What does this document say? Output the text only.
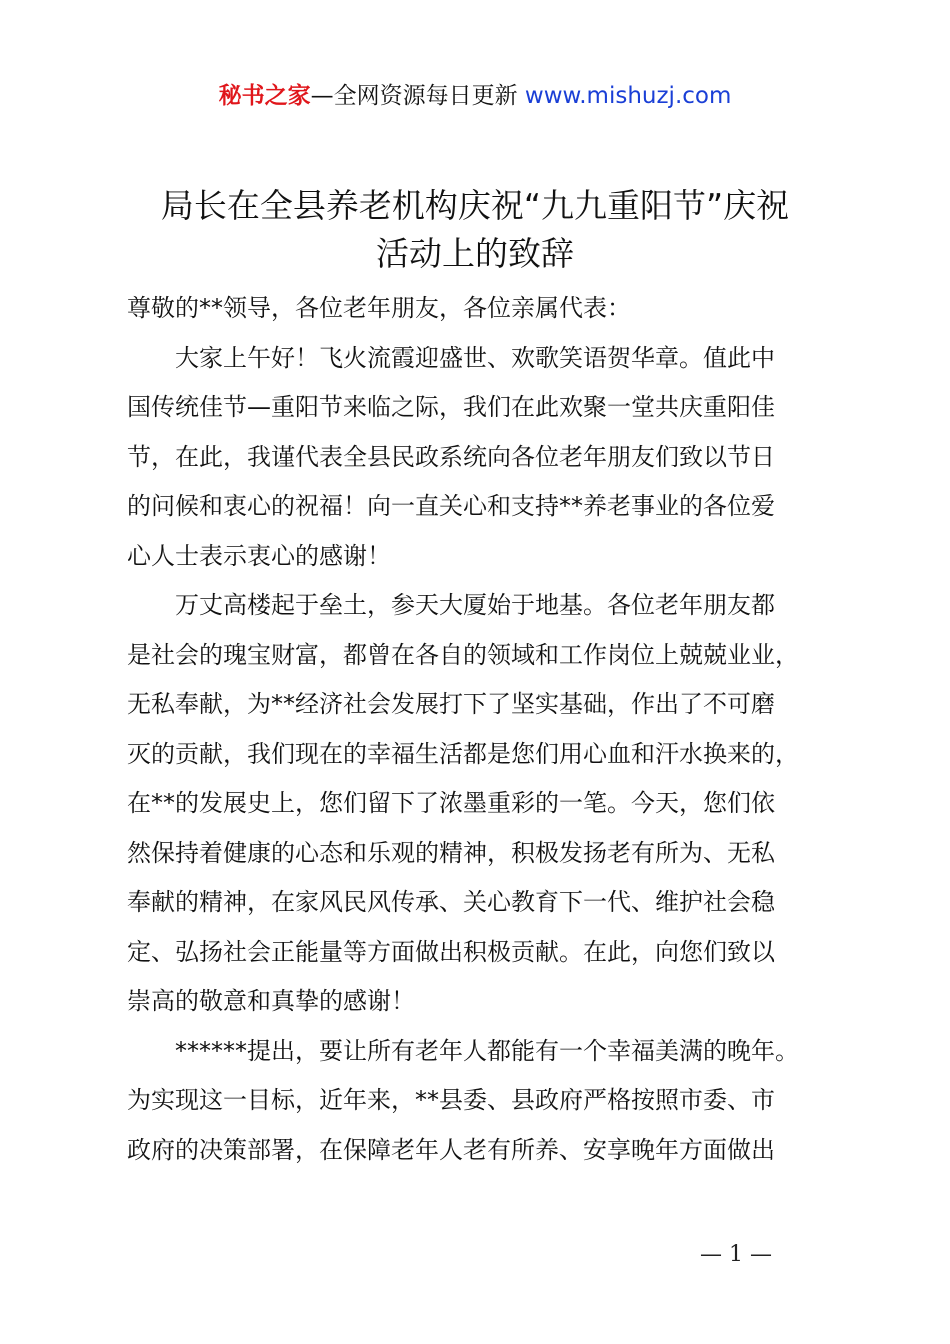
秘书之家—全网资源每日更新 www.mishuzj.com
局长在全县养老机构庆祝“九九重阳节”庆祝
活动上的致辞
尊敬的**领导，各位老年朋友，各位亲属代表：
　　大家上午好！飞火流霞迎盛世、欢歌笑语贺华章。值此中
国传统佳节—重阳节来临之际，我们在此欢聚一堂共庆重阳佳
节，在此，我谨代表全县民政系统向各位老年朋友们致以节日
的问候和衷心的祝福！向一直关心和支持**养老事业的各位爱
心人士表示衷心的感谢！
　　万丈高楼起于垒土，参天大厦始于地基。各位老年朋友都
是社会的瑰宝财富，都曾在各自的领域和工作岗位上兢兢业业，
无私奉献，为**经济社会发展打下了坚实基础，作出了不可磨
灭的贡献，我们现在的幸福生活都是您们用心血和汗水换来的，
在**的发展史上，您们留下了浓墨重彩的一笔。今天，您们依
然保持着健康的心态和乐观的精神，积极发扬老有所为、无私
奉献的精神，在家风民风传承、关心教育下一代、维护社会稳
定、弘扬社会正能量等方面做出积极贡献。在此，向您们致以
崇高的敬意和真挚的感谢！
　　******提出，要让所有老年人都能有一个幸福美满的晚年。
为实现这一目标，近年来，**县委、县政府严格按照市委、市
政府的决策部署，在保障老年人老有所养、安享晚年方面做出
— 1 —
